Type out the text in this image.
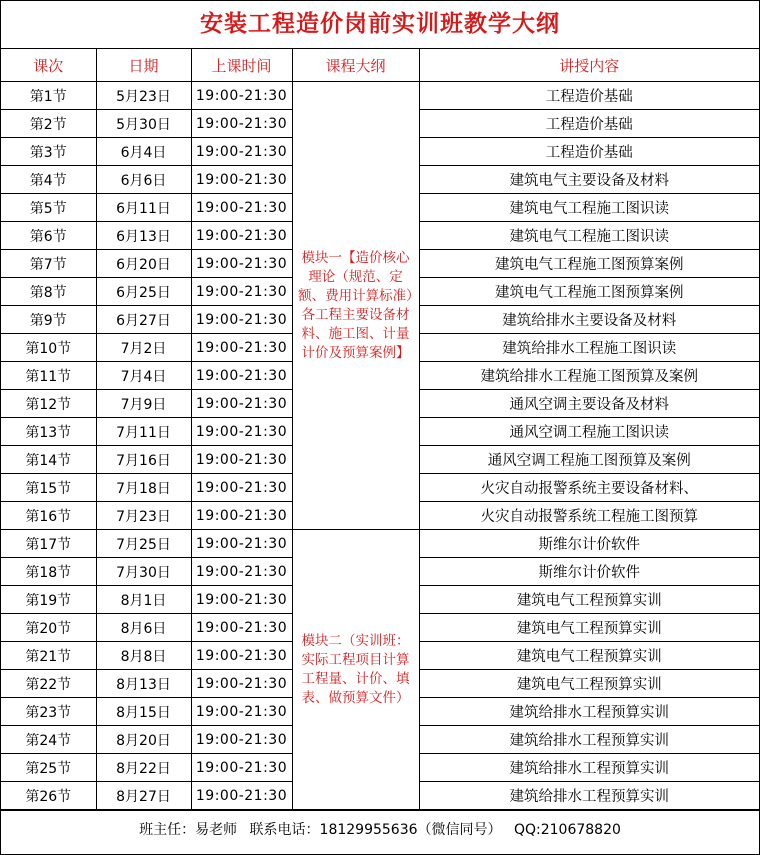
安装工程造价岗前实训班教学大纲
课次	日期	上课时间	课程大纲	讲授内容
第1节	5月23日	19:00-21:30	模块一【造价核心理论（规范、定额、费用计算标准）各工程主要设备材料、施工图、计量计价及预算案例】	工程造价基础
第2节	5月30日	19:00-21:30		工程造价基础
第3节	6月4日	19:00-21:30		工程造价基础
第4节	6月6日	19:00-21:30		建筑电气主要设备及材料
第5节	6月11日	19:00-21:30		建筑电气工程施工图识读
第6节	6月13日	19:00-21:30		建筑电气工程施工图识读
第7节	6月20日	19:00-21:30		建筑电气工程施工图预算案例
第8节	6月25日	19:00-21:30		建筑电气工程施工图预算案例
第9节	6月27日	19:00-21:30		建筑给排水主要设备及材料
第10节	7月2日	19:00-21:30		建筑给排水工程施工图识读
第11节	7月4日	19:00-21:30		建筑给排水工程施工图预算及案例
第12节	7月9日	19:00-21:30		通风空调主要设备及材料
第13节	7月11日	19:00-21:30		通风空调工程施工图识读
第14节	7月16日	19:00-21:30		通风空调工程施工图预算及案例
第15节	7月18日	19:00-21:30		火灾自动报警系统主要设备材料、
第16节	7月23日	19:00-21:30		火灾自动报警系统工程施工图预算
第17节	7月25日	19:00-21:30	模块二（实训班：实际工程项目计算工程量、计价、填表、做预算文件）	斯维尔计价软件
第18节	7月30日	19:00-21:30		斯维尔计价软件
第19节	8月1日	19:00-21:30		建筑电气工程预算实训
第20节	8月6日	19:00-21:30		建筑电气工程预算实训
第21节	8月8日	19:00-21:30		建筑电气工程预算实训
第22节	8月13日	19:00-21:30		建筑电气工程预算实训
第23节	8月15日	19:00-21:30		建筑给排水工程预算实训
第24节	8月20日	19:00-21:30		建筑给排水工程预算实训
第25节	8月22日	19:00-21:30		建筑给排水工程预算实训
第26节	8月27日	19:00-21:30		建筑给排水工程预算实训
班主任：易老师 联系电话：18129955636（微信同号） QQ:210678820
